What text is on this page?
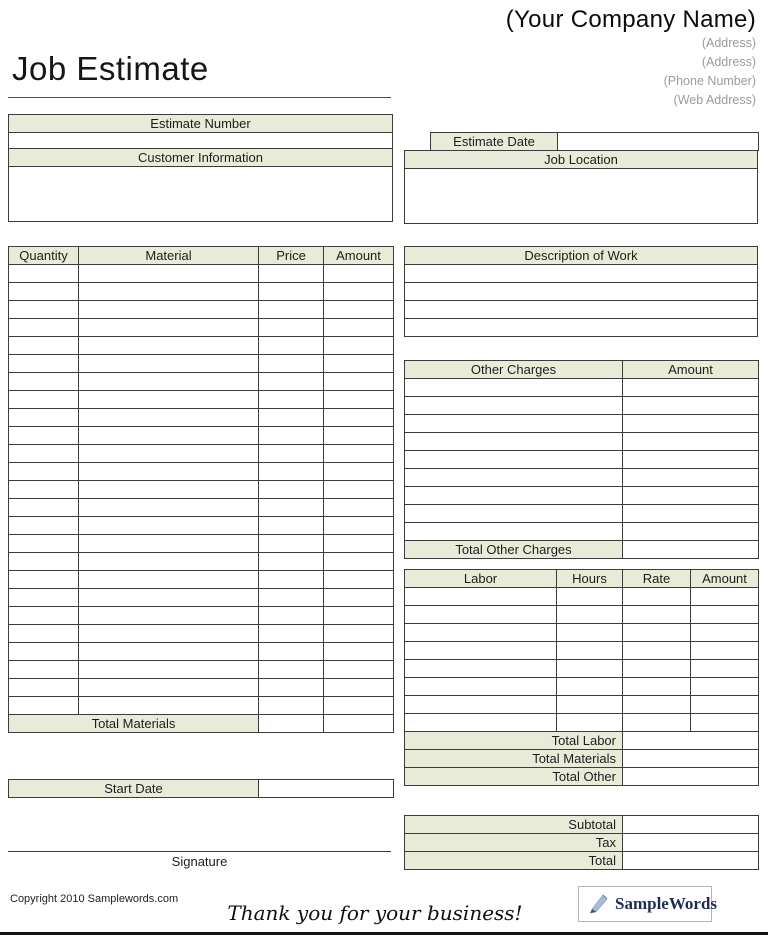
(Your Company Name)
(Address)
(Address)
(Phone Number)
(Web Address)
Job Estimate
Estimate Number

Customer Information

Estimate Date	
Job Location

Quantity	Material	Price	Amount

Total Materials			
Description of Work

Other Charges	Amount

Total Other Charges	
Labor	Hours	Rate	Amount

Total Labor			
Total Materials			
Total Other			
Start Date	
Subtotal	
Tax	
Total	
Signature
Copyright 2010 Samplewords.com
Thank you for your business!	SampleWords
